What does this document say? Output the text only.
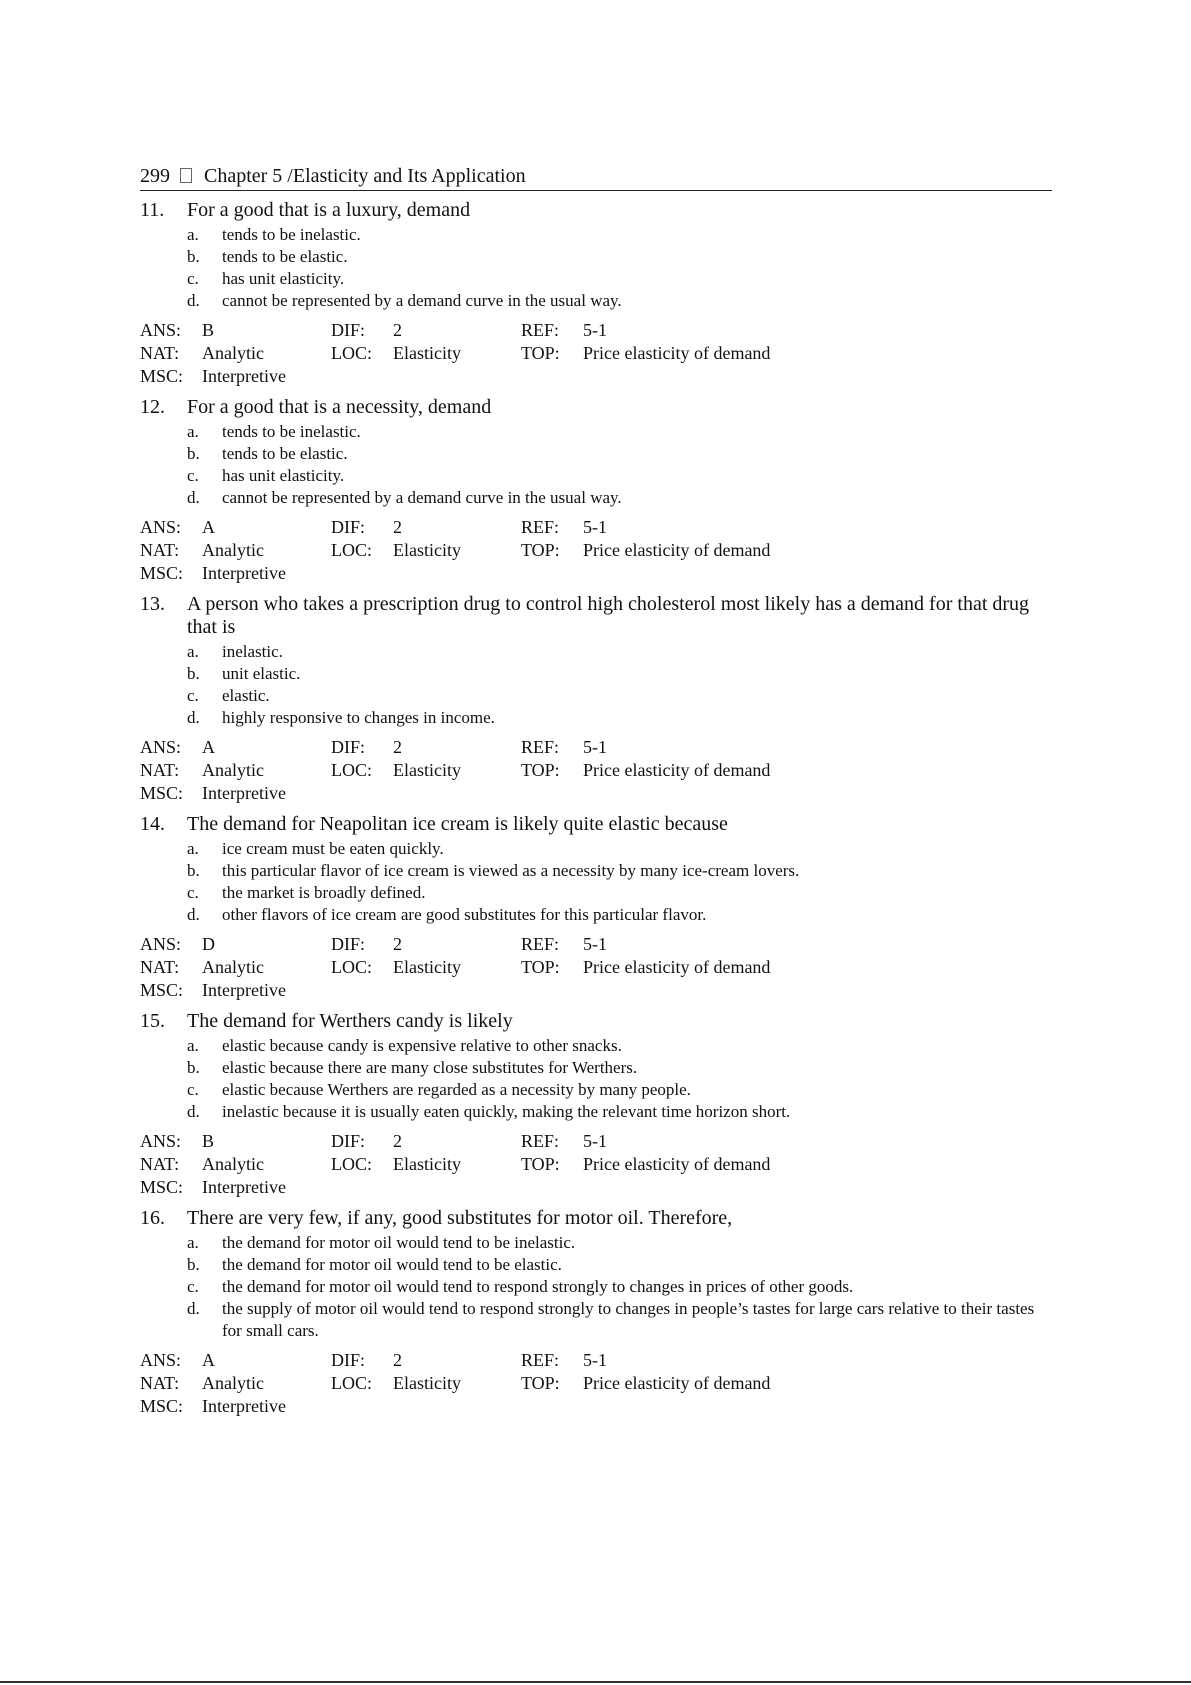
299 Chapter 5 /Elasticity and Its Application
11.	For a good that is a luxury, demand
a.	tends to be inelastic.
b.	tends to be elastic.
c.	has unit elasticity.
d.	cannot be represented by a demand curve in the usual way.
ANS:	B	DIF:	2	REF:	5-1
NAT:	Analytic	LOC:	Elasticity	TOP:	Price elasticity of demand
MSC:	Interpretive
12.	For a good that is a necessity, demand
a.	tends to be inelastic.
b.	tends to be elastic.
c.	has unit elasticity.
d.	cannot be represented by a demand curve in the usual way.
ANS:	A	DIF:	2	REF:	5-1
NAT:	Analytic	LOC:	Elasticity	TOP:	Price elasticity of demand
MSC:	Interpretive
13.	A person who takes a prescription drug to control high cholesterol most likely has a demand for that drug that is
a.	inelastic.
b.	unit elastic.
c.	elastic.
d.	highly responsive to changes in income.
ANS:	A	DIF:	2	REF:	5-1
NAT:	Analytic	LOC:	Elasticity	TOP:	Price elasticity of demand
MSC:	Interpretive
14.	The demand for Neapolitan ice cream is likely quite elastic because
a.	ice cream must be eaten quickly.
b.	this particular flavor of ice cream is viewed as a necessity by many ice-cream lovers.
c.	the market is broadly defined.
d.	other flavors of ice cream are good substitutes for this particular flavor.
ANS:	D	DIF:	2	REF:	5-1
NAT:	Analytic	LOC:	Elasticity	TOP:	Price elasticity of demand
MSC:	Interpretive
15.	The demand for Werthers candy is likely
a.	elastic because candy is expensive relative to other snacks.
b.	elastic because there are many close substitutes for Werthers.
c.	elastic because Werthers are regarded as a necessity by many people.
d.	inelastic because it is usually eaten quickly, making the relevant time horizon short.
ANS:	B	DIF:	2	REF:	5-1
NAT:	Analytic	LOC:	Elasticity	TOP:	Price elasticity of demand
MSC:	Interpretive
16.	There are very few, if any, good substitutes for motor oil. Therefore,
a.	the demand for motor oil would tend to be inelastic.
b.	the demand for motor oil would tend to be elastic.
c.	the demand for motor oil would tend to respond strongly to changes in prices of other goods.
d.	the supply of motor oil would tend to respond strongly to changes in people’s tastes for large cars relative to their tastes for small cars.
ANS:	A	DIF:	2	REF:	5-1
NAT:	Analytic	LOC:	Elasticity	TOP:	Price elasticity of demand
MSC:	Interpretive
